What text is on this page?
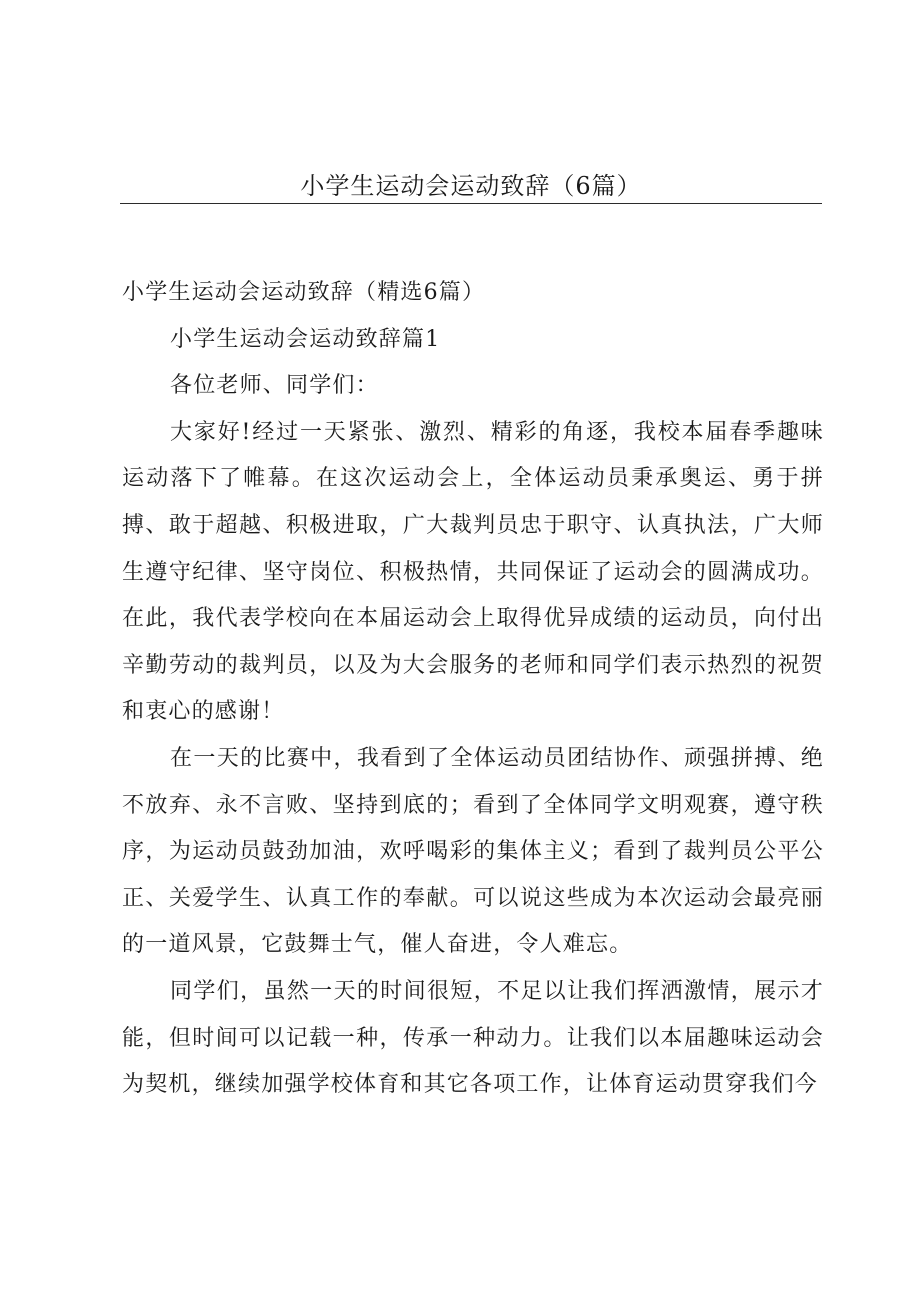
小学生运动会运动致辞（6篇）

小学生运动会运动致辞（精选6篇）

小学生运动会运动致辞篇1

各位老师、同学们：

大家好!经过一天紧张、激烈、精彩的角逐，我校本届春季趣味运动落下了帷幕。在这次运动会上，全体运动员秉承奥运、勇于拼搏、敢于超越、积极进取，广大裁判员忠于职守、认真执法，广大师生遵守纪律、坚守岗位、积极热情，共同保证了运动会的圆满成功。在此，我代表学校向在本届运动会上取得优异成绩的运动员，向付出辛勤劳动的裁判员，以及为大会服务的老师和同学们表示热烈的祝贺和衷心的感谢！

在一天的比赛中，我看到了全体运动员团结协作、顽强拼搏、绝不放弃、永不言败、坚持到底的；看到了全体同学文明观赛，遵守秩序，为运动员鼓劲加油，欢呼喝彩的集体主义；看到了裁判员公平公正、关爱学生、认真工作的奉献。可以说这些成为本次运动会最亮丽的一道风景，它鼓舞士气，催人奋进，令人难忘。

同学们，虽然一天的时间很短，不足以让我们挥洒激情，展示才能，但时间可以记载一种，传承一种动力。让我们以本届趣味运动会为契机，继续加强学校体育和其它各项工作，让体育运动贯穿我们今
